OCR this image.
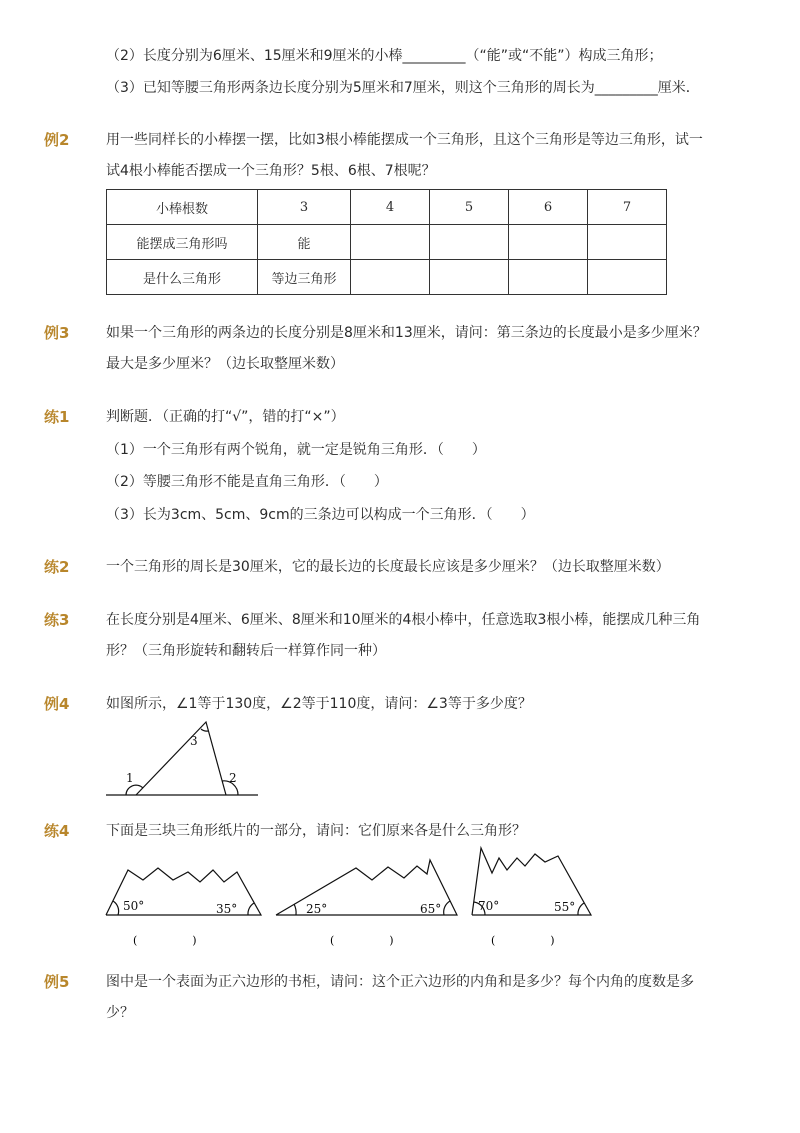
（2）长度分别为6厘米、15厘米和9厘米的小棒_________（“能”或“不能”）构成三角形；
（3）已知等腰三角形两条边长度分别为5厘米和7厘米，则这个三角形的周长为_________厘米．
例2	用一些同样长的小棒摆一摆，比如3根小棒能摆成一个三角形，且这个三角形是等边三角形，试一
试4根小棒能否摆成一个三角形？5根、6根、7根呢？
小棒根数	3	4	5	6	7
能摆成三角形吗	能				
是什么三角形	等边三角形				
例3	如果一个三角形的两条边的长度分别是8厘米和13厘米，请问：第三条边的长度最小是多少厘米？
最大是多少厘米？（边长取整厘米数）
练1	判断题．（正确的打“√”，错的打“×”）
（1）一个三角形有两个锐角，就一定是锐角三角形．（　　）
（2）等腰三角形不能是直角三角形．（　　）
（3）长为3cm、5cm、9cm的三条边可以构成一个三角形．（　　）
练2	一个三角形的周长是30厘米，它的最长边的长度最长应该是多少厘米？（边长取整厘米数）
练3	在长度分别是4厘米、6厘米、8厘米和10厘米的4根小棒中，任意选取3根小棒，能摆成几种三角
形？（三角形旋转和翻转后一样算作同一种）
例4	如图所示，∠1等于130度，∠2等于110度，请问：∠3等于多少度？
练4	下面是三块三角形纸片的一部分，请问：它们原来各是什么三角形？
例5	图中是一个表面为正六边形的书柜，请问：这个正六边形的内角和是多少？每个内角的度数是多
少？
1	2
3
50°	35°	25°	65°	70°	55°
(　　　　　)	(　　　　　)	(　　　　　)
